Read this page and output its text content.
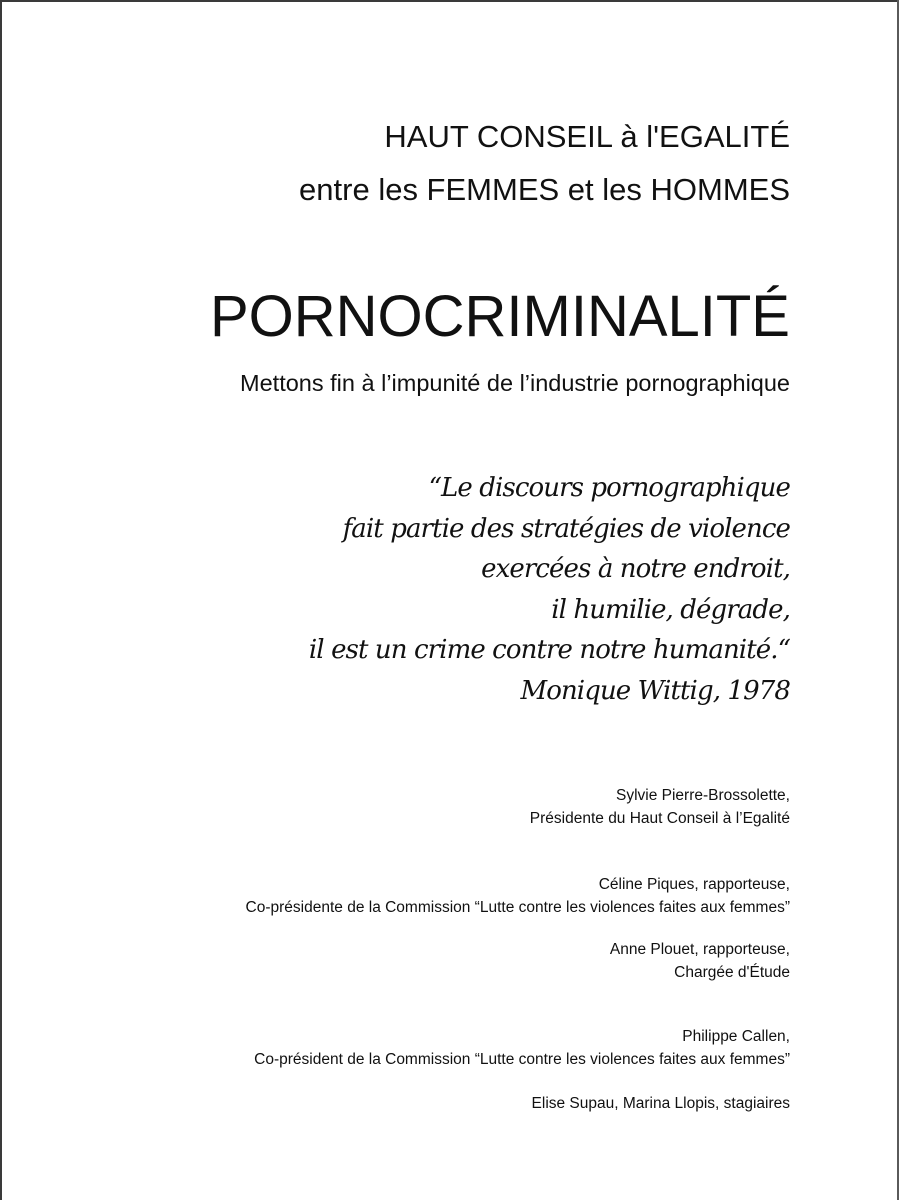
HAUT CONSEIL à l'EGALITÉ
entre les FEMMES et les HOMMES
PORNOCRIMINALITÉ
Mettons fin à l’impunité de l’industrie pornographique
“Le discours pornographique
fait partie des stratégies de violence
exercées à notre endroit,
il humilie, dégrade,
il est un crime contre notre humanité.“
Monique Wittig, 1978
Sylvie Pierre-Brossolette,
Présidente du Haut Conseil à l’Egalité
Céline Piques, rapporteuse,
Co-présidente de la Commission “Lutte contre les violences faites aux femmes”
Anne Plouet, rapporteuse,
Chargée d'Étude
Philippe Callen,
Co-président de la Commission “Lutte contre les violences faites aux femmes”
Elise Supau, Marina Llopis, stagiaires
